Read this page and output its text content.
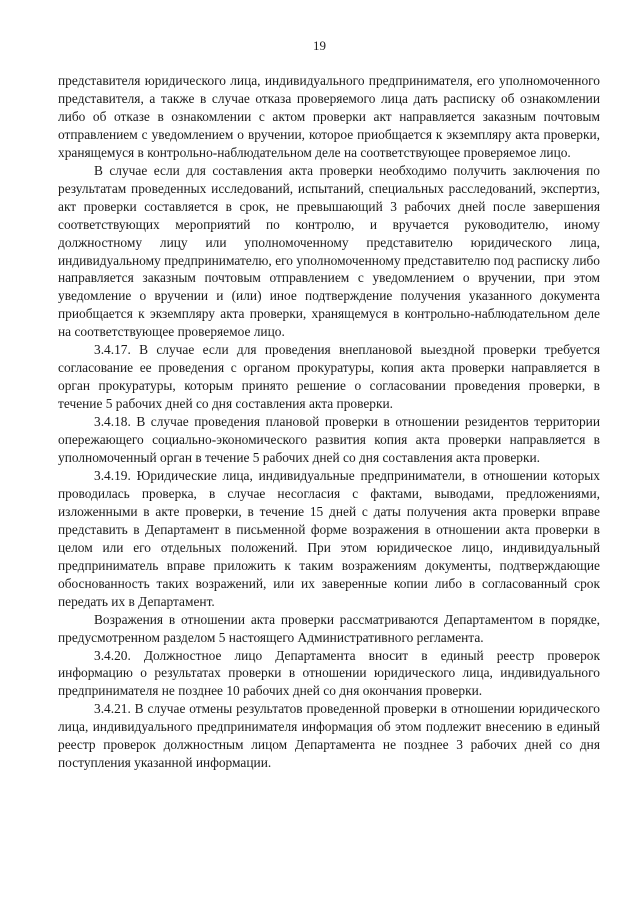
19

представителя юридического лица, индивидуального предпринимателя, его уполномоченного представителя, а также в случае отказа проверяемого лица дать расписку об ознакомлении либо об отказе в ознакомлении с актом проверки акт направляется заказным почтовым отправлением с уведомлением о вручении, которое приобщается к экземпляру акта проверки, хранящемуся в контрольно-наблюдательном деле на соответствующее проверяемое лицо.

В случае если для составления акта проверки необходимо получить заключения по результатам проведенных исследований, испытаний, специальных расследований, экспертиз, акт проверки составляется в срок, не превышающий 3 рабочих дней после завершения соответствующих мероприятий по контролю, и вручается руководителю, иному должностному лицу или уполномоченному представителю юридического лица, индивидуальному предпринимателю, его уполномоченному представителю под расписку либо направляется заказным почтовым отправлением с уведомлением о вручении, при этом уведомление о вручении и (или) иное подтверждение получения указанного документа приобщается к экземпляру акта проверки, хранящемуся в контрольно-наблюдательном деле на соответствующее проверяемое лицо.

3.4.17. В случае если для проведения внеплановой выездной проверки требуется согласование ее проведения с органом прокуратуры, копия акта проверки направляется в орган прокуратуры, которым принято решение о согласовании проведения проверки, в течение 5 рабочих дней со дня составления акта проверки.

3.4.18. В случае проведения плановой проверки в отношении резидентов территории опережающего социально-экономического развития копия акта проверки направляется в уполномоченный орган в течение 5 рабочих дней со дня составления акта проверки.

3.4.19. Юридические лица, индивидуальные предприниматели, в отношении которых проводилась проверка, в случае несогласия с фактами, выводами, предложениями, изложенными в акте проверки, в течение 15 дней с даты получения акта проверки вправе представить в Департамент в письменной форме возражения в отношении акта проверки в целом или его отдельных положений. При этом юридическое лицо, индивидуальный предприниматель вправе приложить к таким возражениям документы, подтверждающие обоснованность таких возражений, или их заверенные копии либо в согласованный срок передать их в Департамент.

Возражения в отношении акта проверки рассматриваются Департаментом в порядке, предусмотренном разделом 5 настоящего Административного регламента.

3.4.20. Должностное лицо Департамента вносит в единый реестр проверок информацию о результатах проверки в отношении юридического лица, индивидуального предпринимателя не позднее 10 рабочих дней со дня окончания проверки.

3.4.21. В случае отмены результатов проведенной проверки в отношении юридического лица, индивидуального предпринимателя информация об этом подлежит внесению в единый реестр проверок должностным лицом Департамента не позднее 3 рабочих дней со дня поступления указанной информации.
